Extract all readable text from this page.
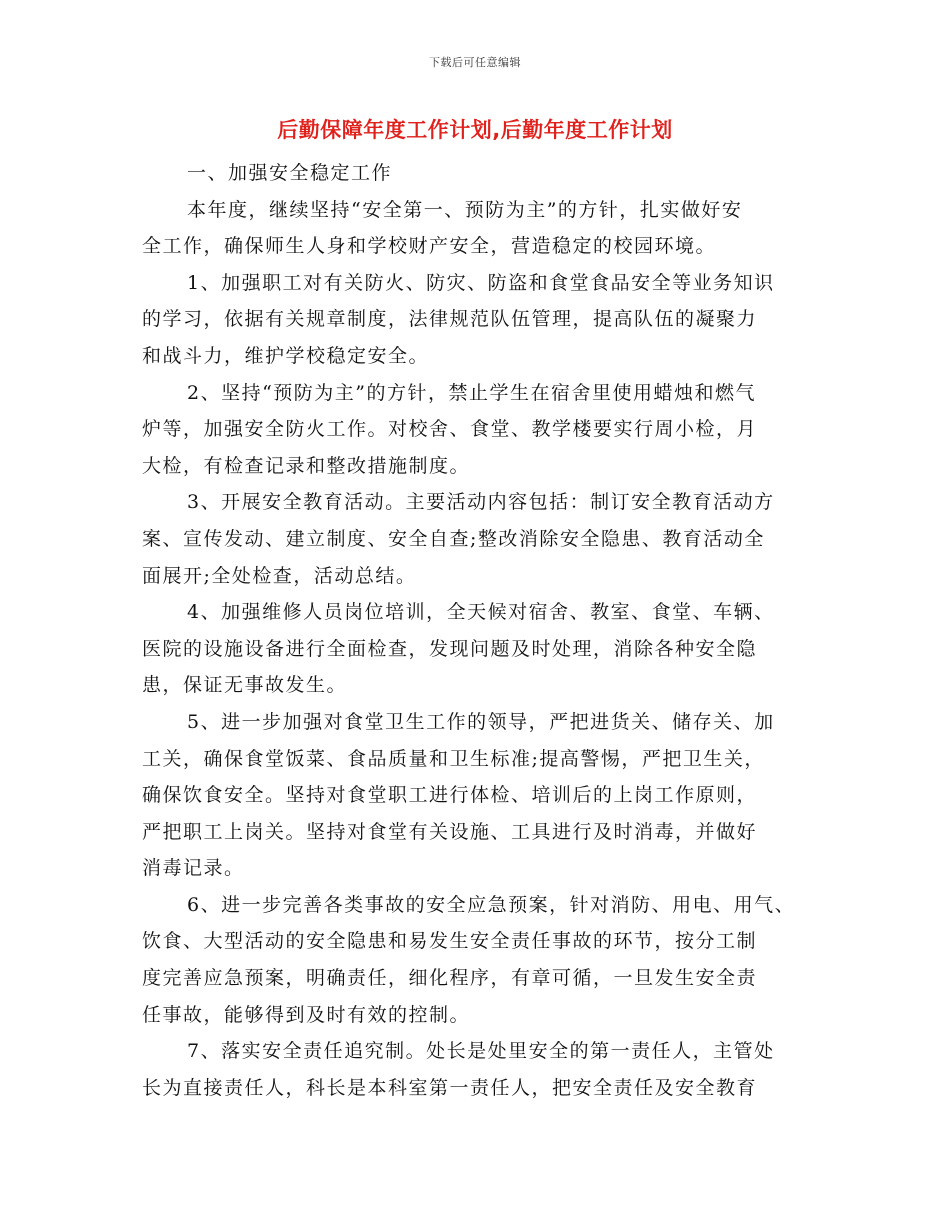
下载后可任意编辑
后勤保障年度工作计划,后勤年度工作计划
一、加强安全稳定工作
本年度，继续坚持“安全第一、预防为主”的方针，扎实做好安
全工作，确保师生人身和学校财产安全，营造稳定的校园环境。
1、加强职工对有关防火、防灾、防盗和食堂食品安全等业务知识
的学习，依据有关规章制度，法律规范队伍管理，提高队伍的凝聚力
和战斗力，维护学校稳定安全。
2、坚持“预防为主”的方针，禁止学生在宿舍里使用蜡烛和燃气
炉等，加强安全防火工作。对校舍、食堂、教学楼要实行周小检，月
大检，有检查记录和整改措施制度。
3、开展安全教育活动。主要活动内容包括：制订安全教育活动方
案、宣传发动、建立制度、安全自查;整改消除安全隐患、教育活动全
面展开;全处检查，活动总结。
4、加强维修人员岗位培训，全天候对宿舍、教室、食堂、车辆、
医院的设施设备进行全面检查，发现问题及时处理，消除各种安全隐
患，保证无事故发生。
5、进一步加强对食堂卫生工作的领导，严把进货关、储存关、加
工关，确保食堂饭菜、食品质量和卫生标准;提高警惕，严把卫生关，
确保饮食安全。坚持对食堂职工进行体检、培训后的上岗工作原则，
严把职工上岗关。坚持对食堂有关设施、工具进行及时消毒，并做好
消毒记录。
6、进一步完善各类事故的安全应急预案，针对消防、用电、用气、
饮食、大型活动的安全隐患和易发生安全责任事故的环节，按分工制
度完善应急预案，明确责任，细化程序，有章可循，一旦发生安全责
任事故，能够得到及时有效的控制。
7、落实安全责任追究制。处长是处里安全的第一责任人，主管处
长为直接责任人，科长是本科室第一责任人，把安全责任及安全教育
